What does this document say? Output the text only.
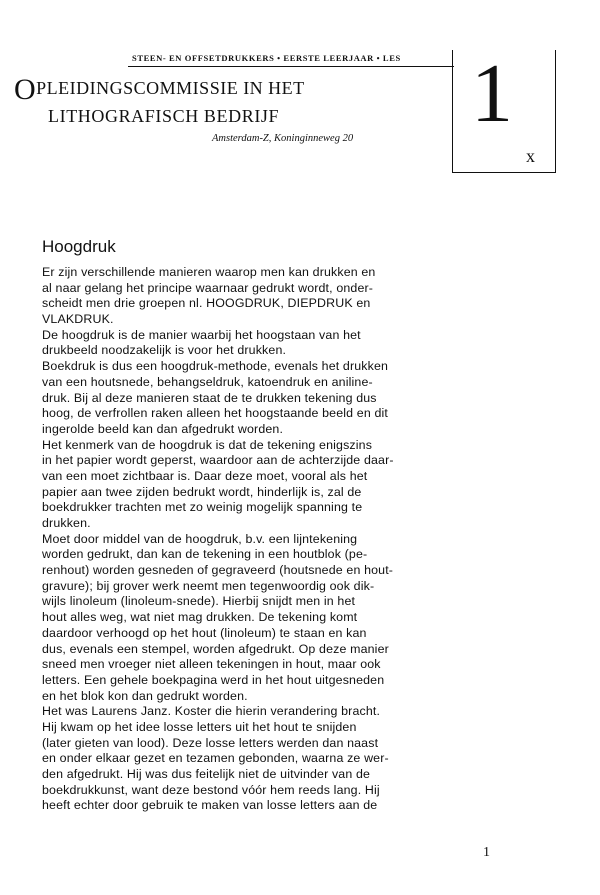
STEEN- EN OFFSETDRUKKERS • EERSTE LEERJAAR • LES
OPLEIDINGSCOMMISSIE IN HET
LITHOGRAFISCH BEDRIJF
Amsterdam-Z, Koninginneweg 20 1
x
Hoogdruk
Er zijn verschillende manieren waarop men kan drukken en
al naar gelang het principe waarnaar gedrukt wordt, onder-
scheidt men drie groepen nl. HOOGDRUK, DIEPDRUK en
VLAKDRUK.
De hoogdruk is de manier waarbij het hoogstaan van het
drukbeeld noodzakelijk is voor het drukken.
Boekdruk is dus een hoogdruk-methode, evenals het drukken
van een houtsnede, behangseldruk, katoendruk en aniline-
druk. Bij al deze manieren staat de te drukken tekening dus
hoog, de verfrollen raken alleen het hoogstaande beeld en dit
ingerolde beeld kan dan afgedrukt worden.
Het kenmerk van de hoogdruk is dat de tekening enigszins
in het papier wordt geperst, waardoor aan de achterzijde daar-
van een moet zichtbaar is. Daar deze moet, vooral als het
papier aan twee zijden bedrukt wordt, hinderlijk is, zal de
boekdrukker trachten met zo weinig mogelijk spanning te
drukken.
Moet door middel van de hoogdruk, b.v. een lijntekening
worden gedrukt, dan kan de tekening in een houtblok (pe-
renhout) worden gesneden of gegraveerd (houtsnede en hout-
gravure); bij grover werk neemt men tegenwoordig ook dik-
wijls linoleum (linoleum-snede). Hierbij snijdt men in het
hout alles weg, wat niet mag drukken. De tekening komt
daardoor verhoogd op het hout (linoleum) te staan en kan
dus, evenals een stempel, worden afgedrukt. Op deze manier
sneed men vroeger niet alleen tekeningen in hout, maar ook
letters. Een gehele boekpagina werd in het hout uitgesneden
en het blok kon dan gedrukt worden.
Het was Laurens Janz. Koster die hierin verandering bracht.
Hij kwam op het idee losse letters uit het hout te snijden
(later gieten van lood). Deze losse letters werden dan naast
en onder elkaar gezet en tezamen gebonden, waarna ze wer-
den afgedrukt. Hij was dus feitelijk niet de uitvinder van de
boekdrukkunst, want deze bestond vóór hem reeds lang. Hij
heeft echter door gebruik te maken van losse letters aan de
1
